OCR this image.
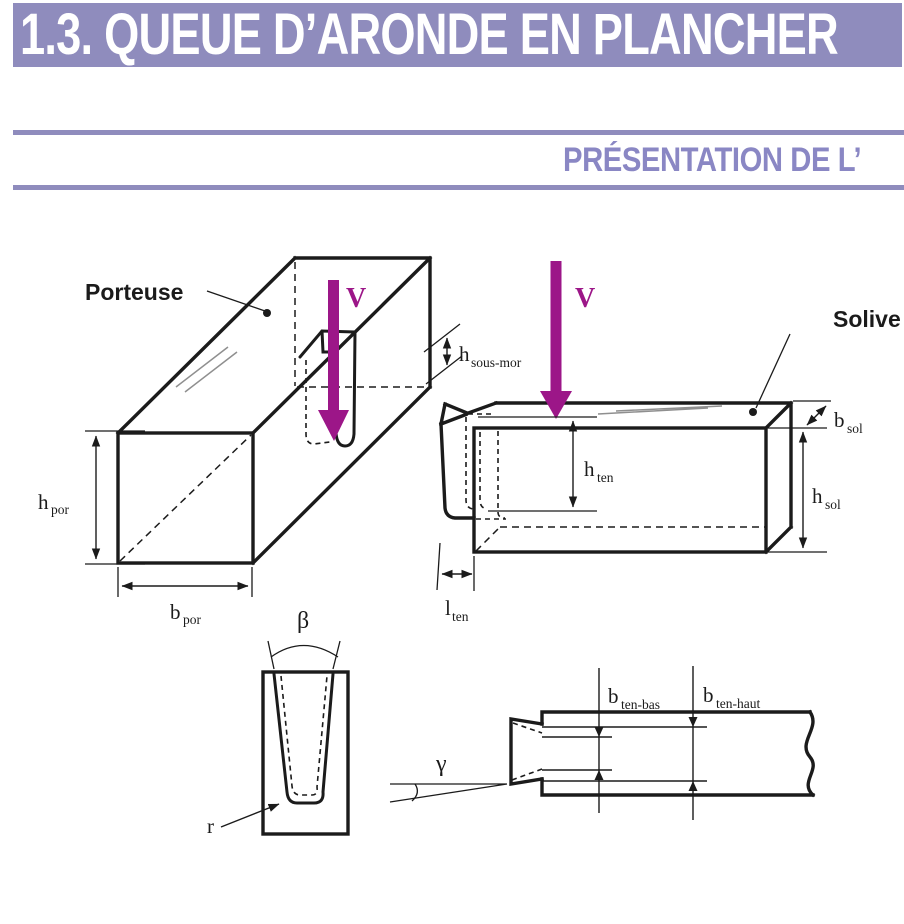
1.3. QUEUE D’ARONDE EN PLANCHER
PRÉSENTATION DE L’
V
Porteuse
h por
b por
h sous-mor
V
Solive
h ten
l ten
b sol
h sol
β
r
b ten-bas b ten-haut
γ
